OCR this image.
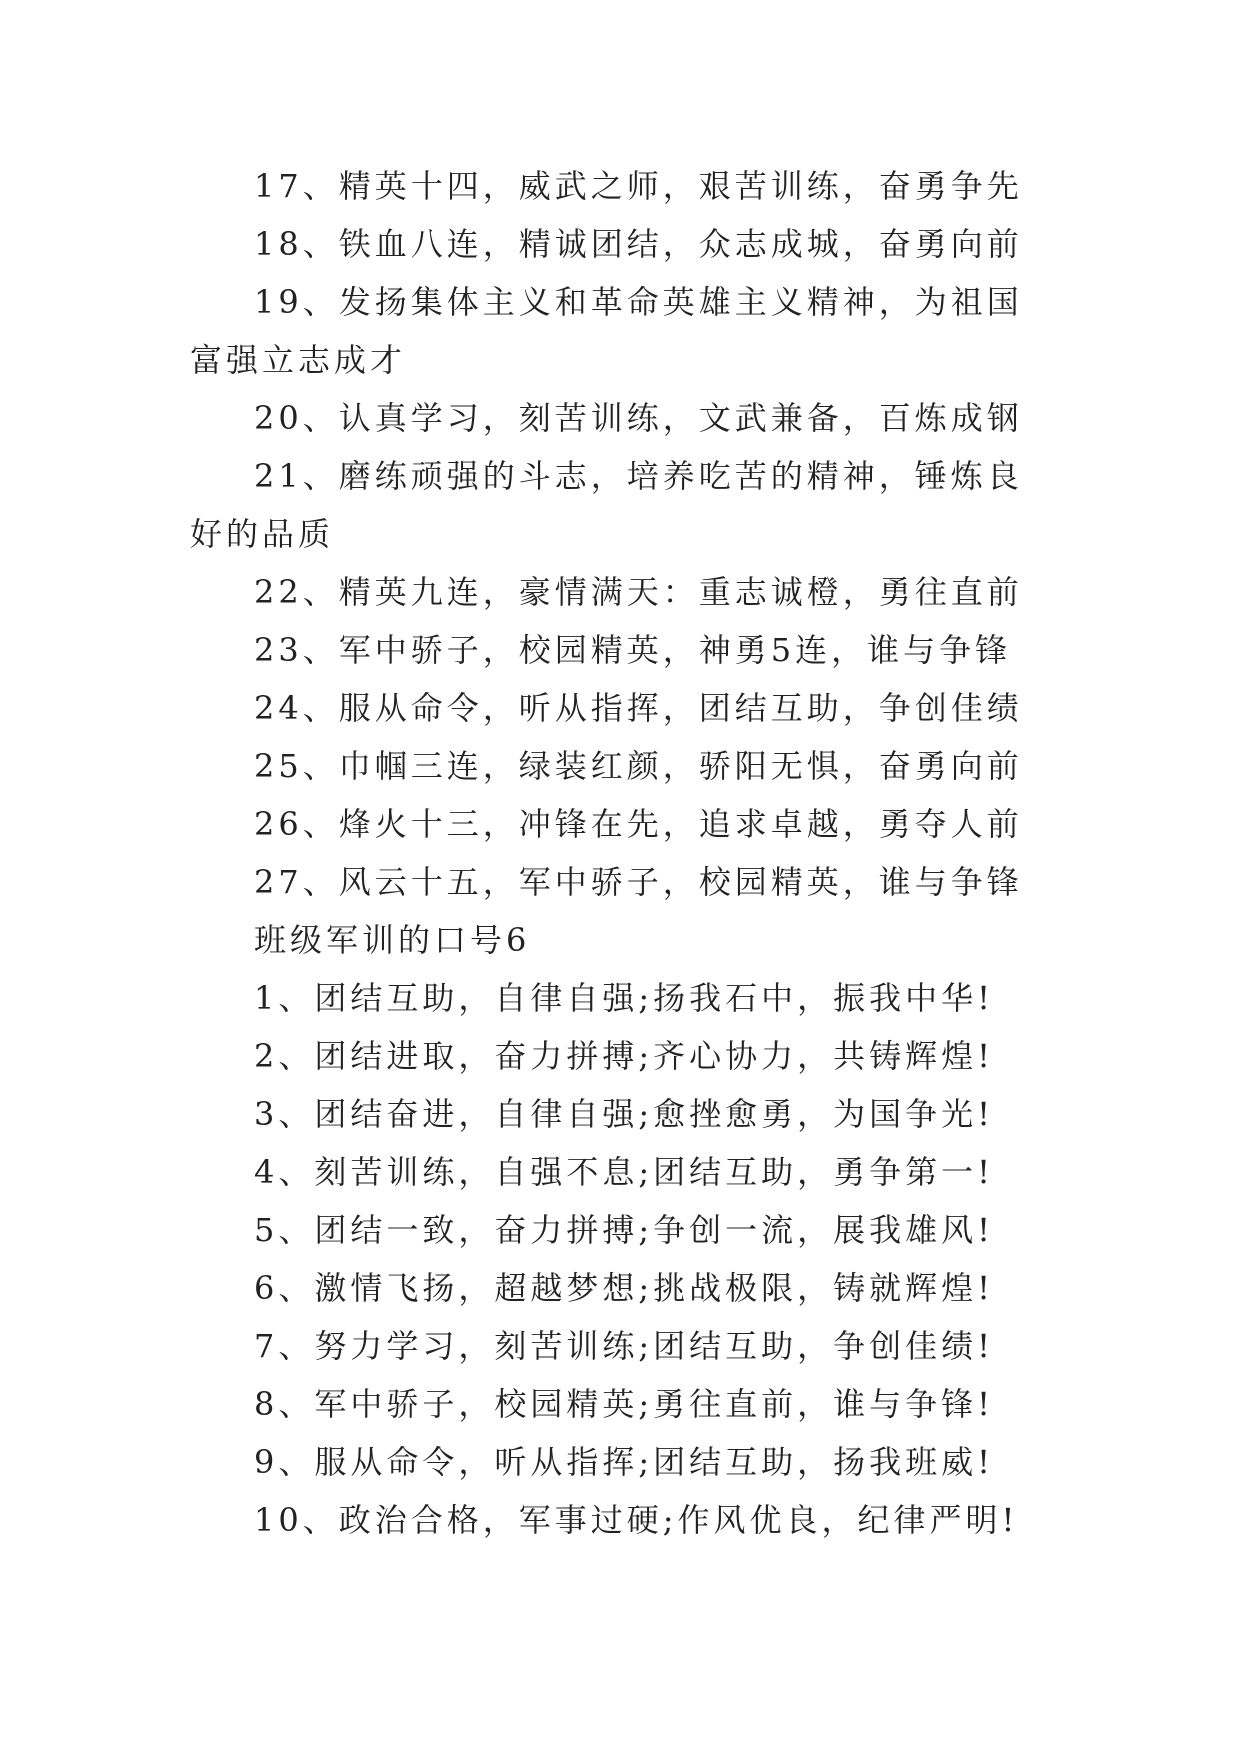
17、精英十四，威武之师，艰苦训练，奋勇争先

18、铁血八连，精诚团结，众志成城，奋勇向前

19、发扬集体主义和革命英雄主义精神，为祖国富强立志成才

20、认真学习，刻苦训练，文武兼备，百炼成钢

21、磨练顽强的斗志，培养吃苦的精神，锤炼良好的品质

22、精英九连，豪情满天：重志诚橙，勇往直前

23、军中骄子，校园精英，神勇5连，谁与争锋

24、服从命令，听从指挥，团结互助，争创佳绩

25、巾帼三连，绿装红颜，骄阳无惧，奋勇向前

26、烽火十三，冲锋在先，追求卓越，勇夺人前

27、风云十五，军中骄子，校园精英，谁与争锋

班级军训的口号6

1、团结互助，自律自强;扬我石中，振我中华!

2、团结进取，奋力拼搏;齐心协力，共铸辉煌!

3、团结奋进，自律自强;愈挫愈勇，为国争光!

4、刻苦训练，自强不息;团结互助，勇争第一!

5、团结一致，奋力拼搏;争创一流，展我雄风!

6、激情飞扬，超越梦想;挑战极限，铸就辉煌!

7、努力学习，刻苦训练;团结互助，争创佳绩!

8、军中骄子，校园精英;勇往直前，谁与争锋!

9、服从命令，听从指挥;团结互助，扬我班威!

10、政治合格，军事过硬;作风优良，纪律严明!
